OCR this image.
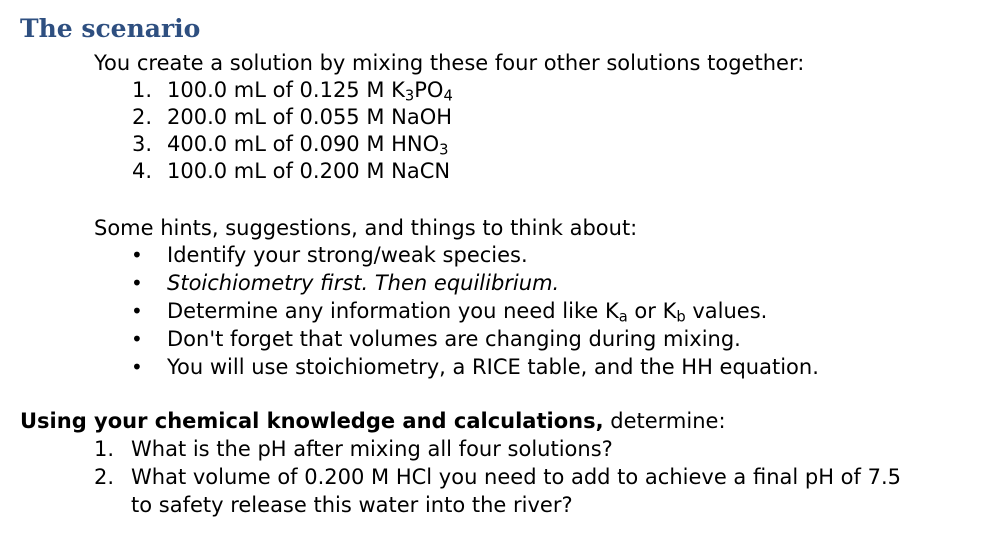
The scenario
You create a solution by mixing these four other solutions together:
1. 100.0 mL of 0.125 M $K_3PO_4$
2. 200.0 mL of 0.055 M NaOH
3. 400.0 mL of 0.090 M $HNO_3$
4. 100.0 mL of 0.200 M NaCN
Some hints, suggestions, and things to think about:
• Identify your strong/weak species.
• Stoichiometry first. Then equilibrium.
• Determine any information you need like $K_a$ or $K_b$ values.
• Don't forget that volumes are changing during mixing.
• You will use stoichiometry, a RICE table, and the HH equation.
Using your chemical knowledge and calculations, determine:
1. What is the pH after mixing all four solutions?
2. What volume of 0.200 M HCl you need to add to achieve a final pH of 7.5
to safety release this water into the river?
